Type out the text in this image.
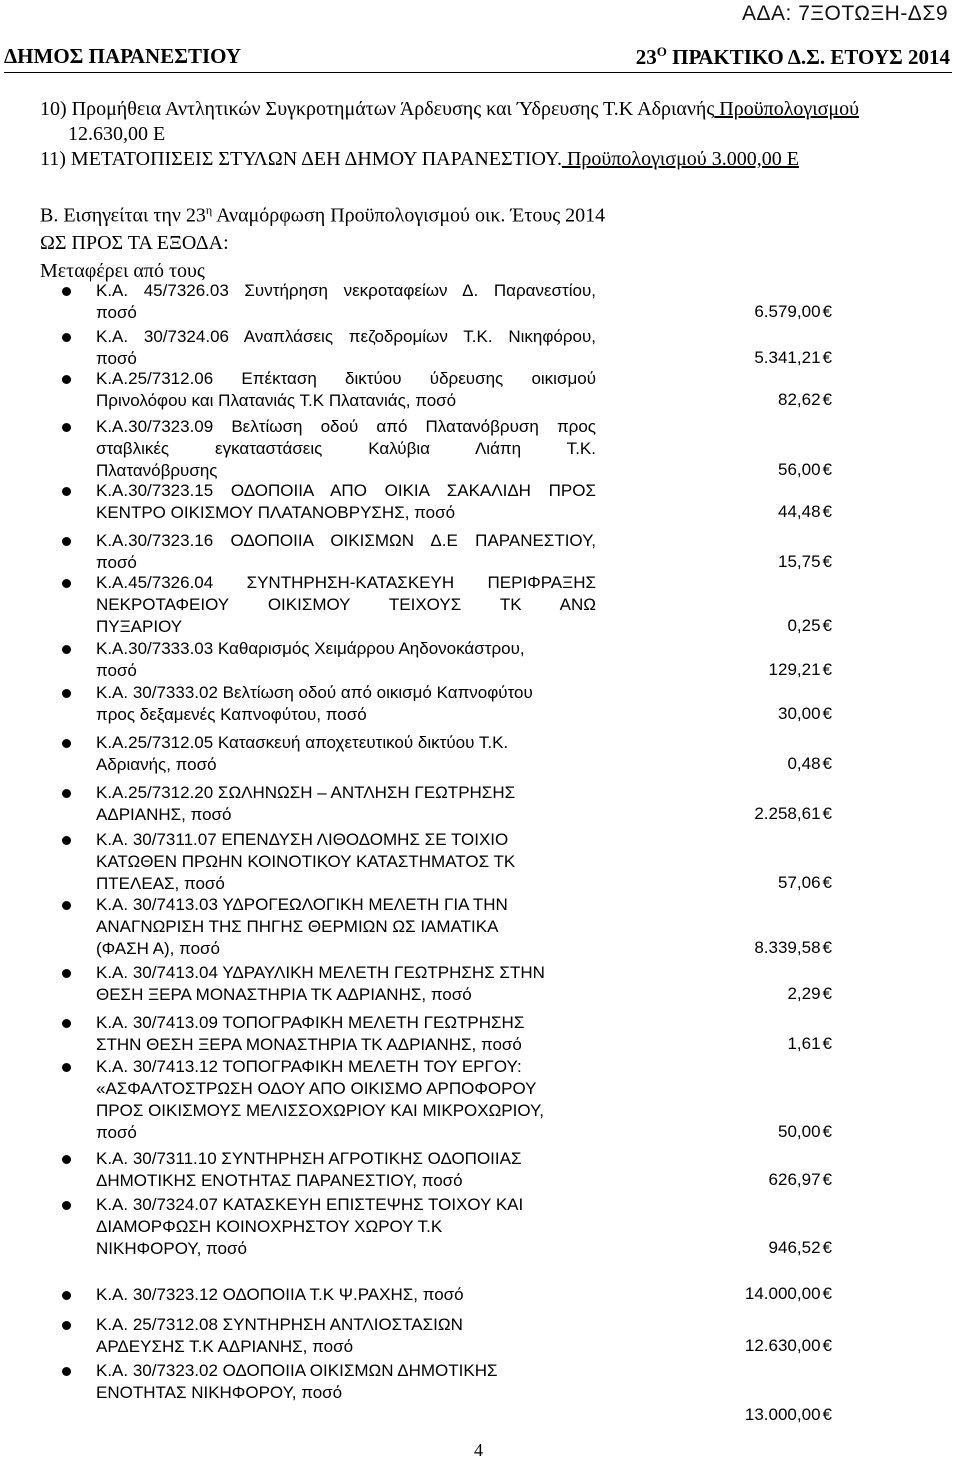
ΑΔΑ: 7ΞΟΤΩΞΗ-ΔΣ9
ΔΗΜΟΣ ΠΑΡΑΝΕΣΤΙΟΥ	$23^O$ ΠΡΑΚΤΙΚΟ Δ.Σ. ΕΤΟΥΣ 2014
10) Προμήθεια Αντλητικών Συγκροτημάτων Άρδευσης και Ύδρευσης Τ.Κ Αδριανής Προϋπολογισμού
12.630,00 Ε
11) ΜΕΤΑΤΟΠΙΣΕΙΣ ΣΤΥΛΩΝ ΔΕΗ ΔΗΜΟΥ ΠΑΡΑΝΕΣΤΙΟΥ. Προϋπολογισμού 3.000,00 Ε
Β. Εισηγείται την $23^\eta$ Αναμόρφωση Προϋπολογισμού οικ. Έτους 2014
ΩΣ ΠΡΟΣ ΤΑ ΕΞΟΔΑ:
Μεταφέρει από τους
Κ.Α. 45/7326.03 Συντήρηση νεκροταφείων Δ. Παρανεστίου,
ποσό	6.579,00 €
Κ.Α. 30/7324.06 Αναπλάσεις πεζοδρομίων Τ.Κ. Νικηφόρου,
ποσό	5.341,21 €
Κ.Α.25/7312.06 Επέκταση δικτύου ύδρευσης οικισμού
Πρινολόφου και Πλατανιάς Τ.Κ Πλατανιάς, ποσό	82,62 €
Κ.Α.30/7323.09 Βελτίωση οδού από Πλατανόβρυση προς
σταβλικές εγκαταστάσεις Καλύβια Λιάπη Τ.Κ.
Πλατανόβρυσης	56,00 €
Κ.Α.30/7323.15 ΟΔΟΠΟΙΙΑ ΑΠΟ ΟΙΚΙΑ ΣΑΚΑΛΙΔΗ ΠΡΟΣ
ΚΕΝΤΡΟ ΟΙΚΙΣΜΟΥ ΠΛΑΤΑΝΟΒΡΥΣΗΣ, ποσό	44,48 €
Κ.Α.30/7323.16 ΟΔΟΠΟΙΙΑ ΟΙΚΙΣΜΩΝ Δ.Ε ΠΑΡΑΝΕΣΤΙΟΥ,
ποσό	15,75 €
Κ.Α.45/7326.04 ΣΥΝΤΗΡΗΣΗ-ΚΑΤΑΣΚΕΥΗ ΠΕΡΙΦΡΑΞΗΣ
ΝΕΚΡΟΤΑΦΕΙΟΥ ΟΙΚΙΣΜΟΥ ΤΕΙΧΟΥΣ ΤΚ ΑΝΩ
ΠΥΞΑΡΙΟΥ	0,25 €
Κ.Α.30/7333.03 Καθαρισμός Χειμάρρου Αηδονοκάστρου,
ποσό	129,21 €
Κ.Α. 30/7333.02 Βελτίωση οδού από οικισμό Καπνοφύτου
προς δεξαμενές Καπνοφύτου, ποσό	30,00 €
Κ.Α.25/7312.05 Κατασκευή αποχετευτικού δικτύου Τ.Κ.
Αδριανής, ποσό	0,48 €
Κ.Α.25/7312.20 ΣΩΛΗΝΩΣΗ – ΑΝΤΛΗΣΗ ΓΕΩΤΡΗΣΗΣ
ΑΔΡΙΑΝΗΣ, ποσό	2.258,61 €
Κ.Α. 30/7311.07 ΕΠΕΝΔΥΣΗ ΛΙΘΟΔΟΜΗΣ ΣΕ ΤΟΙΧΙΟ
ΚΑΤΩΘΕΝ ΠΡΩΗΝ ΚΟΙΝΟΤΙΚΟΥ ΚΑΤΑΣΤΗΜΑΤΟΣ ΤΚ
ΠΤΕΛΕΑΣ, ποσό	57,06 €
Κ.Α. 30/7413.03 ΥΔΡΟΓΕΩΛΟΓΙΚΗ ΜΕΛΕΤΗ ΓΙΑ ΤΗΝ
ΑΝΑΓΝΩΡΙΣΗ ΤΗΣ ΠΗΓΗΣ ΘΕΡΜΙΩΝ ΩΣ ΙΑΜΑΤΙΚΑ
(ΦΑΣΗ Α), ποσό	8.339,58 €
Κ.Α. 30/7413.04 ΥΔΡΑΥΛΙΚΗ ΜΕΛΕΤΗ ΓΕΩΤΡΗΣΗΣ ΣΤΗΝ
ΘΕΣΗ ΞΕΡΑ ΜΟΝΑΣΤΗΡΙΑ ΤΚ ΑΔΡΙΑΝΗΣ, ποσό	2,29 €
Κ.Α. 30/7413.09 ΤΟΠΟΓΡΑΦΙΚΗ ΜΕΛΕΤΗ ΓΕΩΤΡΗΣΗΣ
ΣΤΗΝ ΘΕΣΗ ΞΕΡΑ ΜΟΝΑΣΤΗΡΙΑ ΤΚ ΑΔΡΙΑΝΗΣ, ποσό	1,61 €
Κ.Α. 30/7413.12 ΤΟΠΟΓΡΑΦΙΚΗ ΜΕΛΕΤΗ ΤΟΥ ΕΡΓΟΥ:
«ΑΣΦΑΛΤΟΣΤΡΩΣΗ ΟΔΟΥ ΑΠΟ ΟΙΚΙΣΜΟ ΑΡΠΟΦΟΡΟΥ
ΠΡΟΣ ΟΙΚΙΣΜΟΥΣ ΜΕΛΙΣΣΟΧΩΡΙΟΥ ΚΑΙ ΜΙΚΡΟΧΩΡΙΟΥ,
ποσό	50,00 €
Κ.Α. 30/7311.10 ΣΥΝΤΗΡΗΣΗ ΑΓΡΟΤΙΚΗΣ ΟΔΟΠΟΙΙΑΣ
ΔΗΜΟΤΙΚΗΣ ΕΝΟΤΗΤΑΣ ΠΑΡΑΝΕΣΤΙΟΥ, ποσό	626,97 €
Κ.Α. 30/7324.07 ΚΑΤΑΣΚΕΥΗ ΕΠΙΣΤΕΨΗΣ ΤΟΙΧΟΥ ΚΑΙ
ΔΙΑΜΟΡΦΩΣΗ ΚΟΙΝΟΧΡΗΣΤΟΥ ΧΩΡΟΥ Τ.Κ
ΝΙΚΗΦΟΡΟΥ, ποσό	946,52 €
Κ.Α. 30/7323.12 ΟΔΟΠΟΙΙΑ Τ.Κ Ψ.ΡΑΧΗΣ, ποσό	14.000,00 €
Κ.Α. 25/7312.08 ΣΥΝΤΗΡΗΣΗ ΑΝΤΛΙΟΣΤΑΣΙΩΝ
ΑΡΔΕΥΣΗΣ Τ.Κ ΑΔΡΙΑΝΗΣ, ποσό	12.630,00 €
Κ.Α. 30/7323.02 ΟΔΟΠΟΙΙΑ ΟΙΚΙΣΜΩΝ ΔΗΜΟΤΙΚΗΣ
ΕΝΟΤΗΤΑΣ ΝΙΚΗΦΟΡΟΥ, ποσό
13.000,00 €
4
